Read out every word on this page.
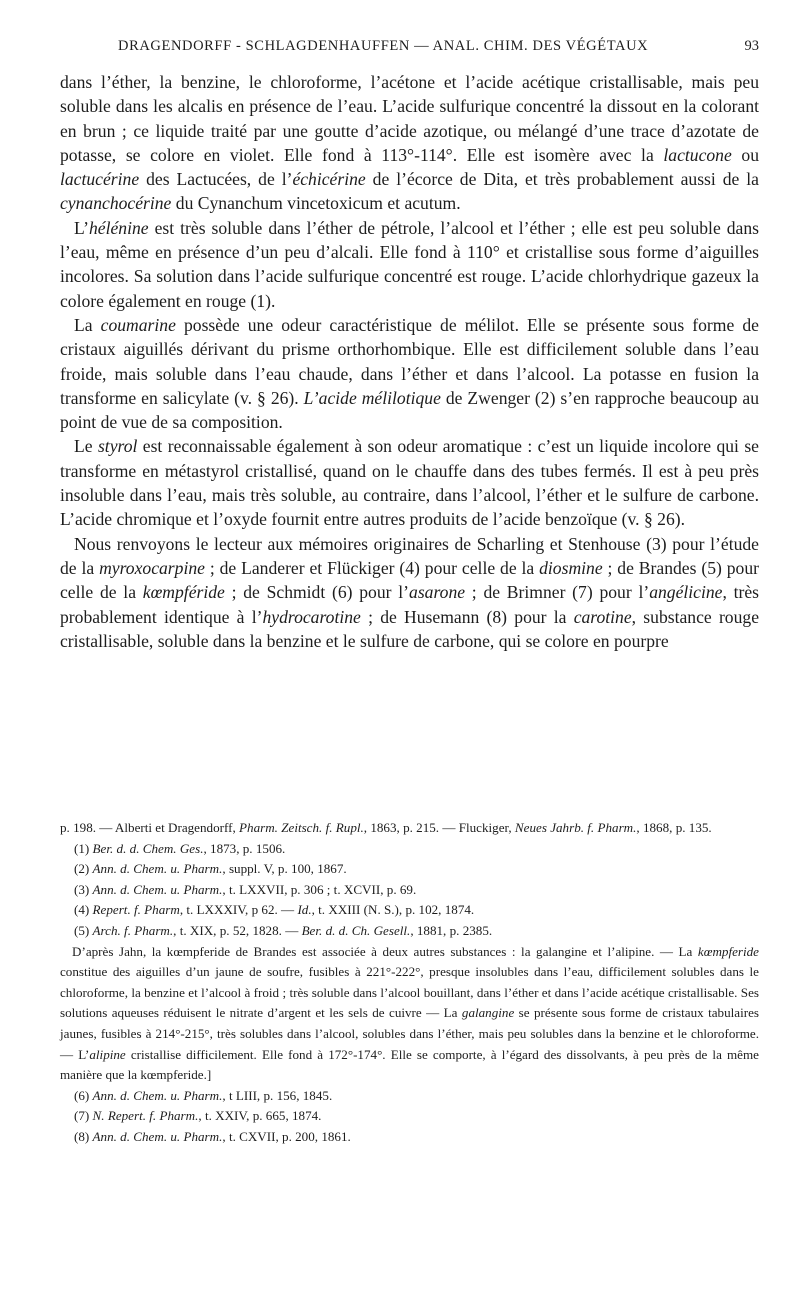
DRAGENDORFF - SCHLAGDENHAUFFEN — ANAL. CHIM. DES VÉGÉTAUX	93

dans l’éther, la benzine, le chloroforme, l’acétone et l’acide acétique cristallisable, mais peu soluble dans les alcalis en présence de l’eau. L’acide sulfurique concentré la dissout en la colorant en brun ; ce liquide traité par une goutte d’acide azotique, ou mélangé d’une trace d’azotate de potasse, se colore en violet. Elle fond à 113°-114°. Elle est isomère avec la lactucone ou lactucérine des Lactucées, de l’échicérine de l’écorce de Dita, et très probablement aussi de la cynanchocérine du Cynanchum vincetoxicum et acutum.

L’hélénine est très soluble dans l’éther de pétrole, l’alcool et l’éther ; elle est peu soluble dans l’eau, même en présence d’un peu d’alcali. Elle fond à 110° et cristallise sous forme d’aiguilles incolores. Sa solution dans l’acide sulfurique concentré est rouge. L’acide chlorhydrique gazeux la colore également en rouge (1).

La coumarine possède une odeur caractéristique de mélilot. Elle se présente sous forme de cristaux aiguillés dérivant du prisme orthorhombique. Elle est difficilement soluble dans l’eau froide, mais soluble dans l’eau chaude, dans l’éther et dans l’alcool. La potasse en fusion la transforme en salicylate (v. § 26). L’acide mélilotique de Zwenger (2) s’en rapproche beaucoup au point de vue de sa composition.

Le styrol est reconnaissable également à son odeur aromatique : c’est un liquide incolore qui se transforme en métastyrol cristallisé, quand on le chauffe dans des tubes fermés. Il est à peu près insoluble dans l’eau, mais très soluble, au contraire, dans l’alcool, l’éther et le sulfure de carbone. L’acide chromique et l’oxyde fournit entre autres produits de l’acide benzoïque (v. § 26).

Nous renvoyons le lecteur aux mémoires originaires de Scharling et Stenhouse (3) pour l’étude de la myroxocarpine ; de Landerer et Flückiger (4) pour celle de la diosmine ; de Brandes (5) pour celle de la kœmpféride ; de Schmidt (6) pour l’asarone ; de Brimner (7) pour l’angélicine, très probablement identique à l’hydrocarotine ; de Husemann (8) pour la carotine, substance rouge cristallisable, soluble dans la benzine et le sulfure de carbone, qui se colore en pourpre

p. 198. — Alberti et Dragendorff, Pharm. Zeitsch. f. Rupl., 1863, p. 215. — Fluckiger, Neues Jahrb. f. Pharm., 1868, p. 135.

(1) Ber. d. d. Chem. Ges., 1873, p. 1506.

(2) Ann. d. Chem. u. Pharm., suppl. V, p. 100, 1867.

(3) Ann. d. Chem. u. Pharm., t. LXXVII, p. 306 ; t. XCVII, p. 69.

(4) Repert. f. Pharm, t. LXXXIV, p 62. — Id., t. XXIII (N. S.), p. 102, 1874.

(5) Arch. f. Pharm., t. XIX, p. 52, 1828. — Ber. d. d. Ch. Gesell., 1881, p. 2385.

D’après Jahn, la kœmpferide de Brandes est associée à deux autres substances : la galangine et l’alipine. — La kœmpferide constitue des aiguilles d’un jaune de soufre, fusibles à 221°-222°, presque insolubles dans l’eau, difficilement solubles dans le chloroforme, la benzine et l’alcool à froid ; très soluble dans l’alcool bouillant, dans l’éther et dans l’acide acétique cristallisable. Ses solutions aqueuses réduisent le nitrate d’argent et les sels de cuivre — La galangine se présente sous forme de cristaux tabulaires jaunes, fusibles à 214°-215°, très solubles dans l’alcool, solubles dans l’éther, mais peu solubles dans la benzine et le chloroforme. — L’alipine cristallise difficilement. Elle fond à 172°-174°. Elle se comporte, à l’égard des dissolvants, à peu près de la même manière que la kœmpferide.]

(6) Ann. d. Chem. u. Pharm., t LIII, p. 156, 1845.

(7) N. Repert. f. Pharm., t. XXIV, p. 665, 1874.

(8) Ann. d. Chem. u. Pharm., t. CXVII, p. 200, 1861.
